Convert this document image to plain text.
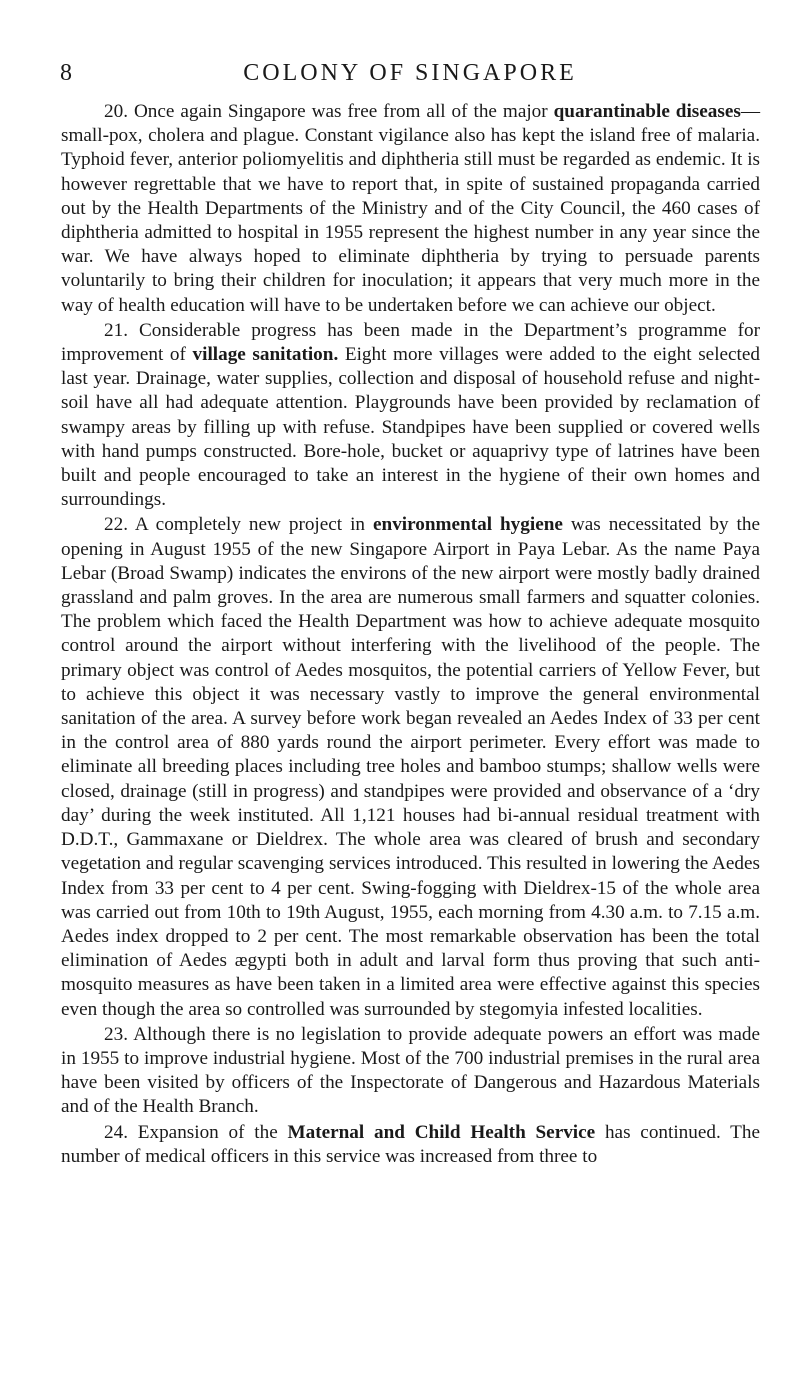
8	COLONY OF SINGAPORE

20. Once again Singapore was free from all of the major quarantinable diseases—small-pox, cholera and plague. Constant vigilance also has kept the island free of malaria. Typhoid fever, anterior poliomyelitis and diphtheria still must be regarded as endemic. It is however regrettable that we have to report that, in spite of sustained propaganda carried out by the Health Departments of the Ministry and of the City Council, the 460 cases of diphtheria admitted to hospital in 1955 represent the highest number in any year since the war. We have always hoped to eliminate diphtheria by trying to persuade parents voluntarily to bring their children for inoculation; it appears that very much more in the way of health education will have to be undertaken before we can achieve our object.

21. Considerable progress has been made in the Department’s programme for improvement of village sanitation. Eight more villages were added to the eight selected last year. Drainage, water supplies, collection and disposal of household refuse and night-soil have all had adequate attention. Playgrounds have been provided by reclamation of swampy areas by filling up with refuse. Standpipes have been supplied or covered wells with hand pumps constructed. Bore-hole, bucket or aquaprivy type of latrines have been built and people encouraged to take an interest in the hygiene of their own homes and surroundings.

22. A completely new project in environmental hygiene was necessitated by the opening in August 1955 of the new Singapore Airport in Paya Lebar. As the name Paya Lebar (Broad Swamp) indicates the environs of the new airport were mostly badly drained grassland and palm groves. In the area are numerous small farmers and squatter colonies. The problem which faced the Health Department was how to achieve adequate mosquito control around the airport without interfering with the livelihood of the people. The primary object was control of Aedes mosquitos, the potential carriers of Yellow Fever, but to achieve this object it was necessary vastly to improve the general environmental sanitation of the area. A survey before work began revealed an Aedes Index of 33 per cent in the control area of 880 yards round the airport perimeter. Every effort was made to eliminate all breeding places including tree holes and bamboo stumps; shallow wells were closed, drainage (still in progress) and standpipes were provided and observance of a ‘dry day’ during the week instituted. All 1,121 houses had bi-annual residual treatment with D.D.T., Gammaxane or Dieldrex. The whole area was cleared of brush and secondary vegetation and regular scavenging services introduced. This resulted in lowering the Aedes Index from 33 per cent to 4 per cent. Swing-fogging with Dieldrex-15 of the whole area was carried out from 10th to 19th August, 1955, each morning from 4.30 a.m. to 7.15 a.m. Aedes index dropped to 2 per cent. The most remarkable observation has been the total elimination of Aedes ægypti both in adult and larval form thus proving that such anti-mosquito measures as have been taken in a limited area were effective against this species even though the area so controlled was surrounded by stegomyia infested localities.

23. Although there is no legislation to provide adequate powers an effort was made in 1955 to improve industrial hygiene. Most of the 700 industrial premises in the rural area have been visited by officers of the Inspectorate of Dangerous and Hazardous Materials and of the Health Branch.

24. Expansion of the Maternal and Child Health Service has continued. The number of medical officers in this service was increased from three to
